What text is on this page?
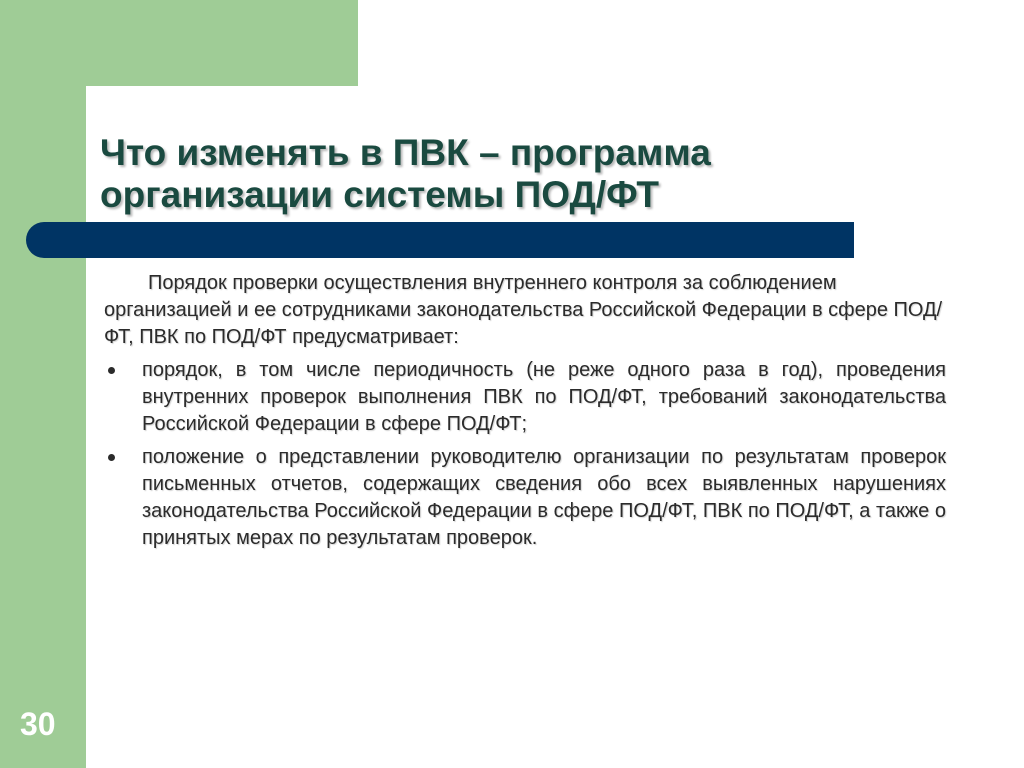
30
Что изменять в ПВК – программа
организации системы ПОД/ФТ

Порядок проверки осуществления внутреннего контроля за соблюдением организацией и ее сотрудниками законодательства Российской Федерации в сфере ПОД/ФТ, ПВК по ПОД/ФТ предусматривает:

порядок, в том числе периодичность (не реже одного раза в год), проведения внутренних проверок выполнения ПВК по ПОД/ФТ, требований законодательства Российской Федерации в сфере ПОД/ФТ;
положение о представлении руководителю организации по результатам проверок письменных отчетов, содержащих сведения обо всех выявленных нарушениях законодательства Российской Федерации в сфере ПОД/ФТ, ПВК по ПОД/ФТ, а также о принятых мерах по результатам проверок.
